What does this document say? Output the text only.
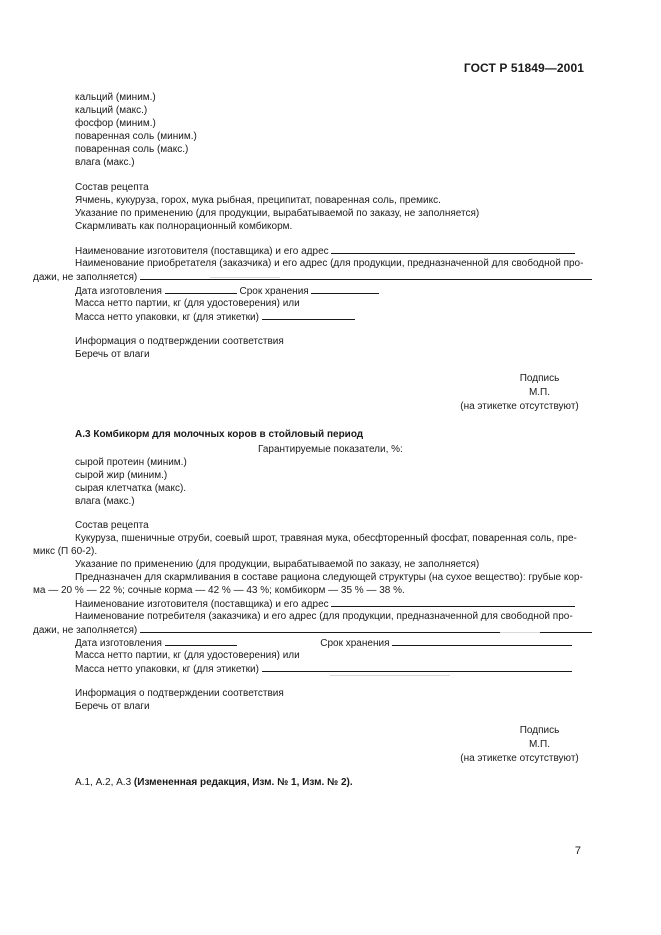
ГОСТ Р 51849—2001
кальций (миним.)
кальций (макс.)
фосфор (миним.)
поваренная соль (миним.)
поваренная соль (макс.)
влага (макс.)
Состав рецепта
Ячмень, кукуруза, горох, мука рыбная, преципитат, поваренная соль, премикс.
Указание по применению (для продукции, вырабатываемой по заказу, не заполняется)
Скармливать как полнорационный комбикорм.
Наименование изготовителя (поставщика) и его адрес
Наименование приобретателя (заказчика) и его адрес (для продукции, предназначенной для свободной про-
дажи, не заполняется)
Дата изготовления	Срок хранения
Масса нетто партии, кг (для удостоверения) или
Масса нетто упаковки, кг (для этикетки)
Информация о подтверждении соответствия
Беречь от влаги
Подпись
М.П.
(на этикетке отсутствуют)
А.3 Комбикорм для молочных коров в стойловый период
Гарантируемые показатели, %:
сырой протеин (миним.)
сырой жир (миним.)
сырая клетчатка (макс).
влага (макс.)
Состав рецепта
Кукуруза, пшеничные отруби, соевый шрот, травяная мука, обесфторенный фосфат, поваренная соль, пре-
микс (П 60-2).
Указание по применению (для продукции, вырабатываемой по заказу, не заполняется)
Предназначен для скармливания в составе рациона следующей структуры (на сухое вещество): грубые кор-
ма — 20 % — 22 %; сочные корма — 42 % — 43 %; комбикорм — 35 % — 38 %.
Наименование изготовителя (поставщика) и его адрес
Наименование потребителя (заказчика) и его адрес (для продукции, предназначенной для свободной про-
дажи, не заполняется)
Дата изготовления	Срок хранения
Масса нетто партии, кг (для удостоверения) или
Масса нетто упаковки, кг (для этикетки)
Информация о подтверждении соответствия
Беречь от влаги
Подпись
М.П.
(на этикетке отсутствуют)
А.1, А.2, А.3 (Измененная редакция, Изм. № 1, Изм. № 2).
7
